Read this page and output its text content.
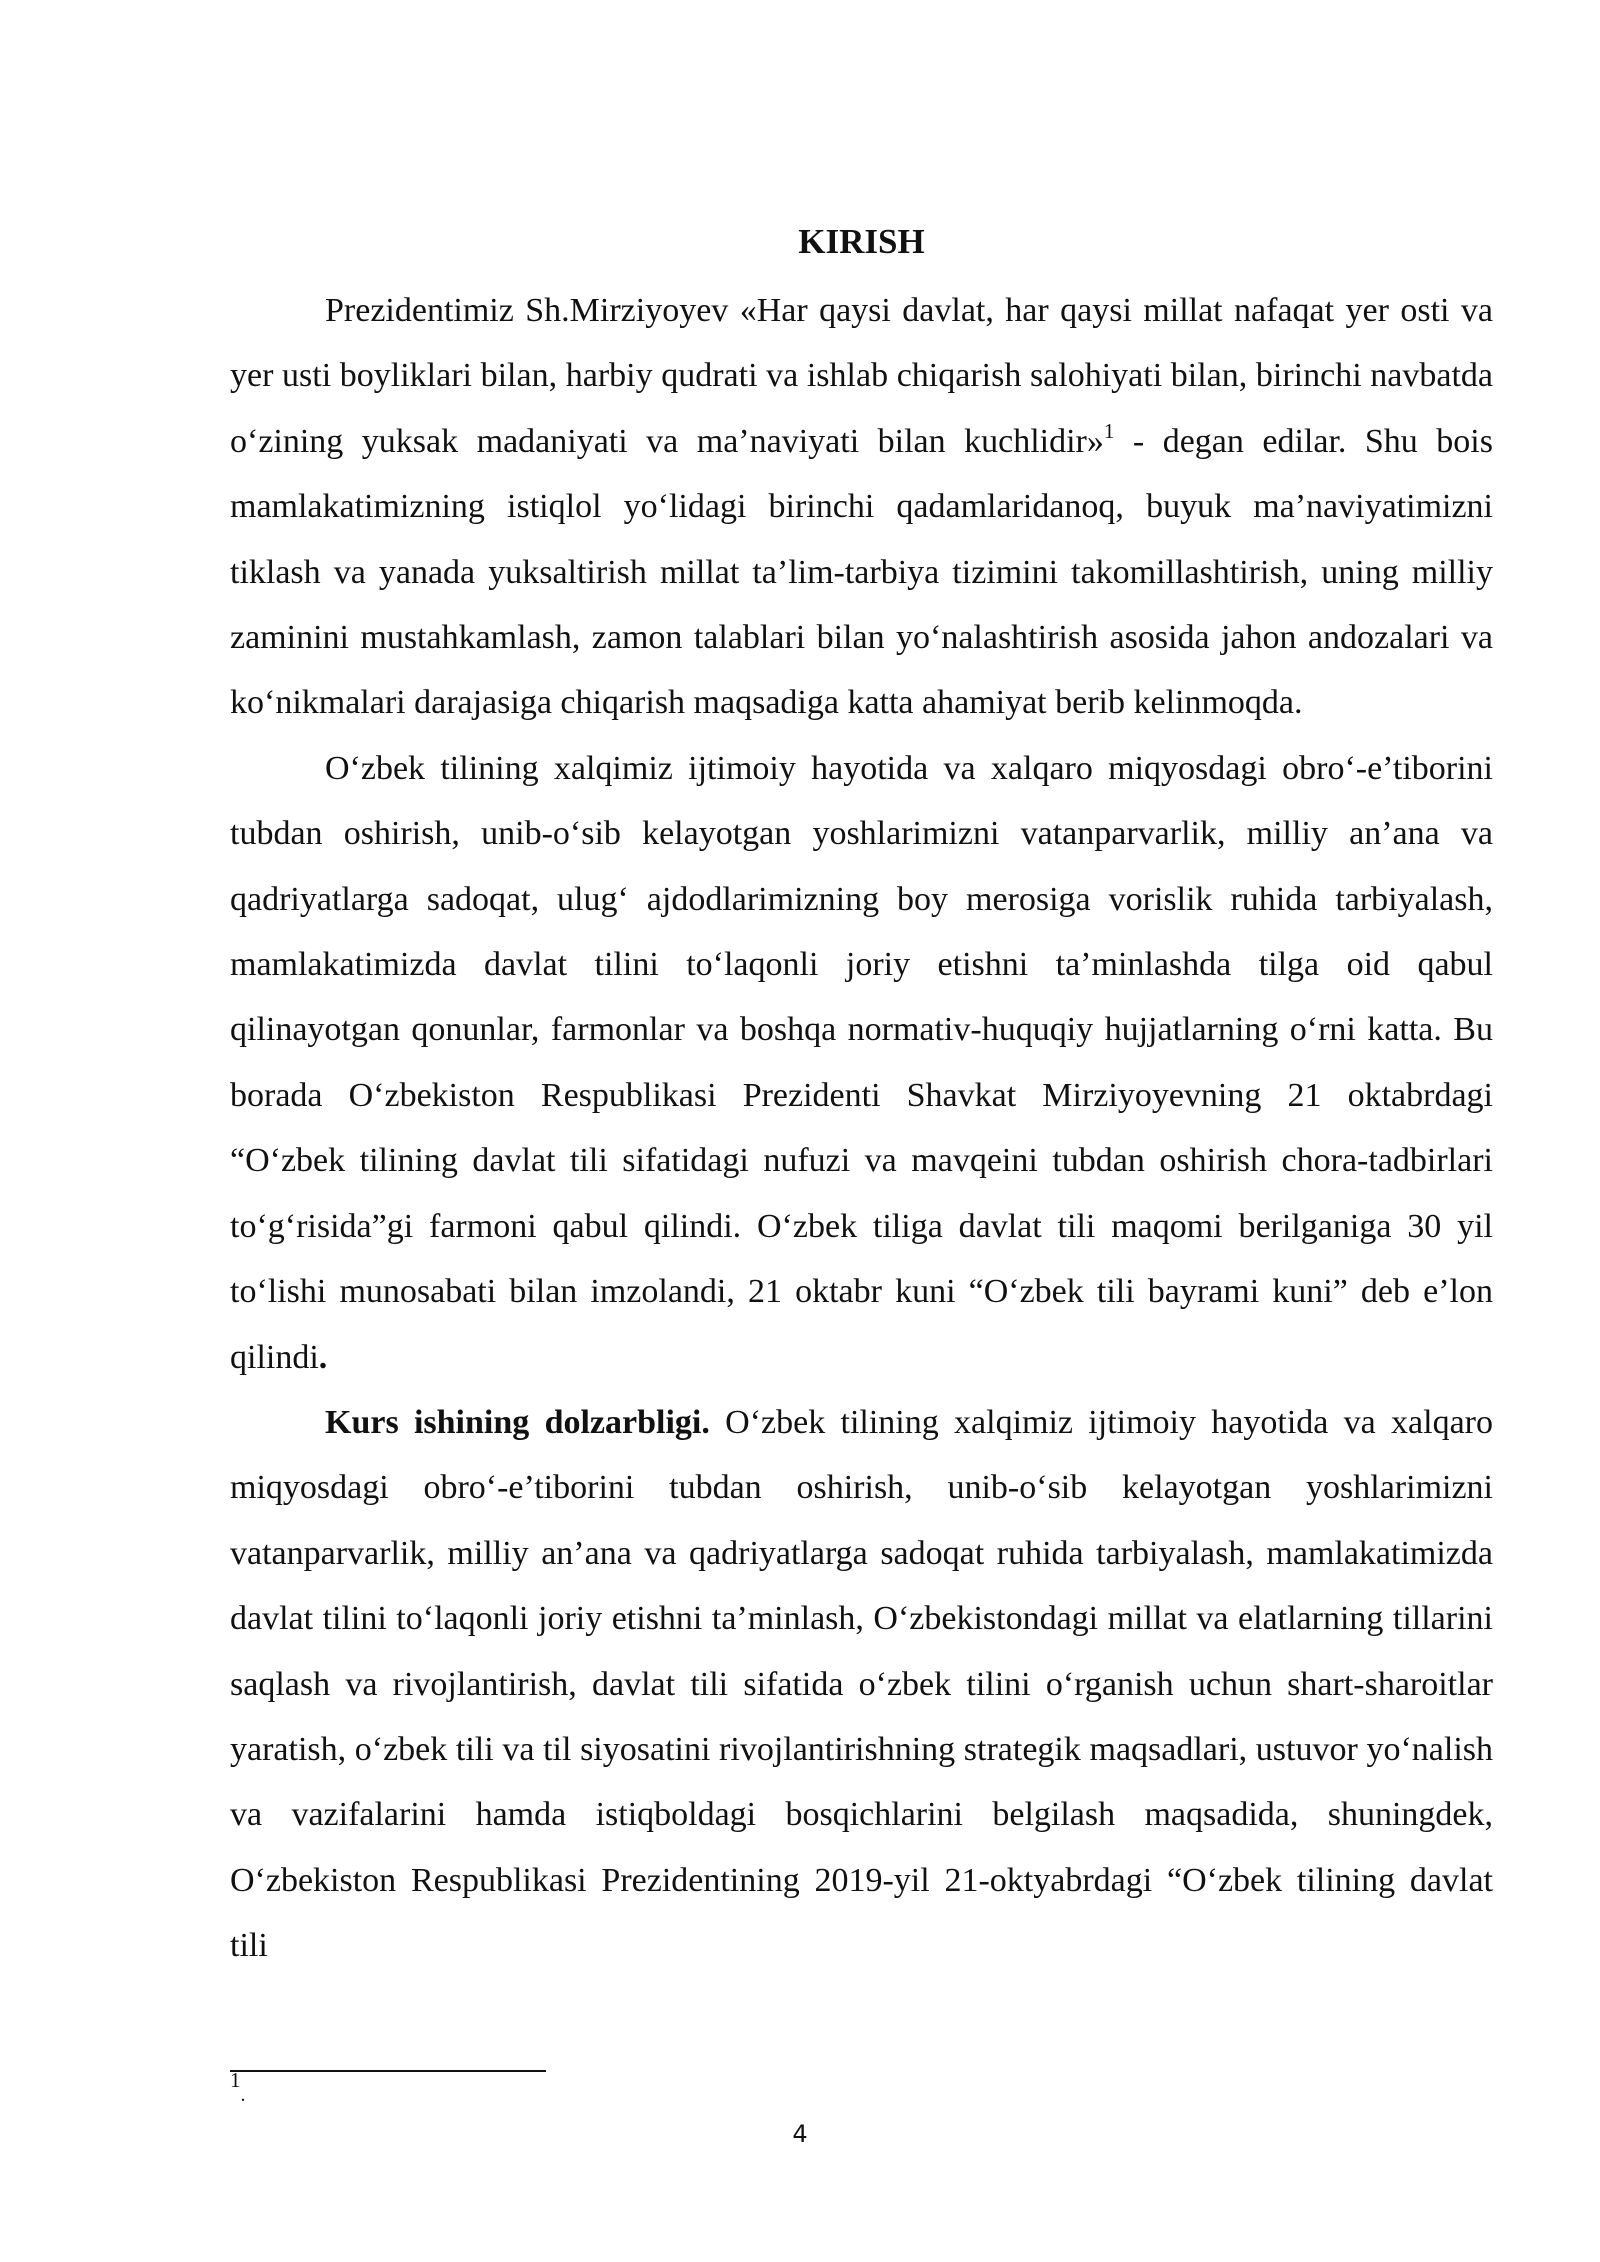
KIRISH

Prezidentimiz Sh.Mirziyoyev «Har qaysi davlat, har qaysi millat nafaqat yer osti va yer usti boyliklari bilan, harbiy qudrati va ishlab chiqarish salohiyati bilan, birinchi navbatda o‘zining yuksak madaniyati va ma’naviyati bilan kuchlidir»$^1$ - degan edilar. Shu bois mamlakatimizning istiqlol yo‘lidagi birinchi qadamlaridanoq, buyuk ma’naviyatimizni tiklash va yanada yuksaltirish millat ta’lim-tarbiya tizimini takomillashtirish, uning milliy zaminini mustahkamlash, zamon talablari bilan yo‘nalashtirish asosida jahon andozalari va ko‘nikmalari darajasiga chiqarish maqsadiga katta ahamiyat berib kelinmoqda.

O‘zbek tilining xalqimiz ijtimoiy hayotida va xalqaro miqyosdagi obro‘-e’tiborini tubdan oshirish, unib-o‘sib kelayotgan yoshlarimizni vatanparvarlik, milliy an’ana va qadriyatlarga sadoqat, ulug‘ ajdodlarimizning boy merosiga vorislik ruhida tarbiyalash, mamlakatimizda davlat tilini to‘laqonli joriy etishni ta’minlashda tilga oid qabul qilinayotgan qonunlar, farmonlar va boshqa normativ-huquqiy hujjatlarning o‘rni katta. Bu borada O‘zbekiston Respublikasi Prezidenti Shavkat Mirziyoyevning 21 oktabrdagi “O‘zbek tilining davlat tili sifatidagi nufuzi va mavqeini tubdan oshirish chora-tadbirlari to‘g‘risida”gi farmoni qabul qilindi. O‘zbek tiliga davlat tili maqomi berilganiga 30 yil to‘lishi munosabati bilan imzolandi, 21 oktabr kuni “O‘zbek tili bayrami kuni” deb e’lon qilindi.

Kurs ishining dolzarbligi. O‘zbek tilining xalqimiz ijtimoiy hayotida va xalqaro miqyosdagi obro‘-e’tiborini tubdan oshirish, unib-o‘sib kelayotgan yoshlarimizni vatanparvarlik, milliy an’ana va qadriyatlarga sadoqat ruhida tarbiyalash, mamlakatimizda davlat tilini to‘laqonli joriy etishni ta’minlash, O‘zbekistondagi millat va elatlarning tillarini saqlash va rivojlantirish, davlat tili sifatida o‘zbek tilini o‘rganish uchun shart-sharoitlar yaratish, o‘zbek tili va til siyosatini rivojlantirishning strategik maqsadlari, ustuvor yo‘nalish va vazifalarini hamda istiqboldagi bosqichlarini belgilash maqsadida, shuningdek, O‘zbekiston Respublikasi Prezidentining 2019-yil 21-oktyabrdagi “O‘zbek tilining davlat tili

$^1$.
4
